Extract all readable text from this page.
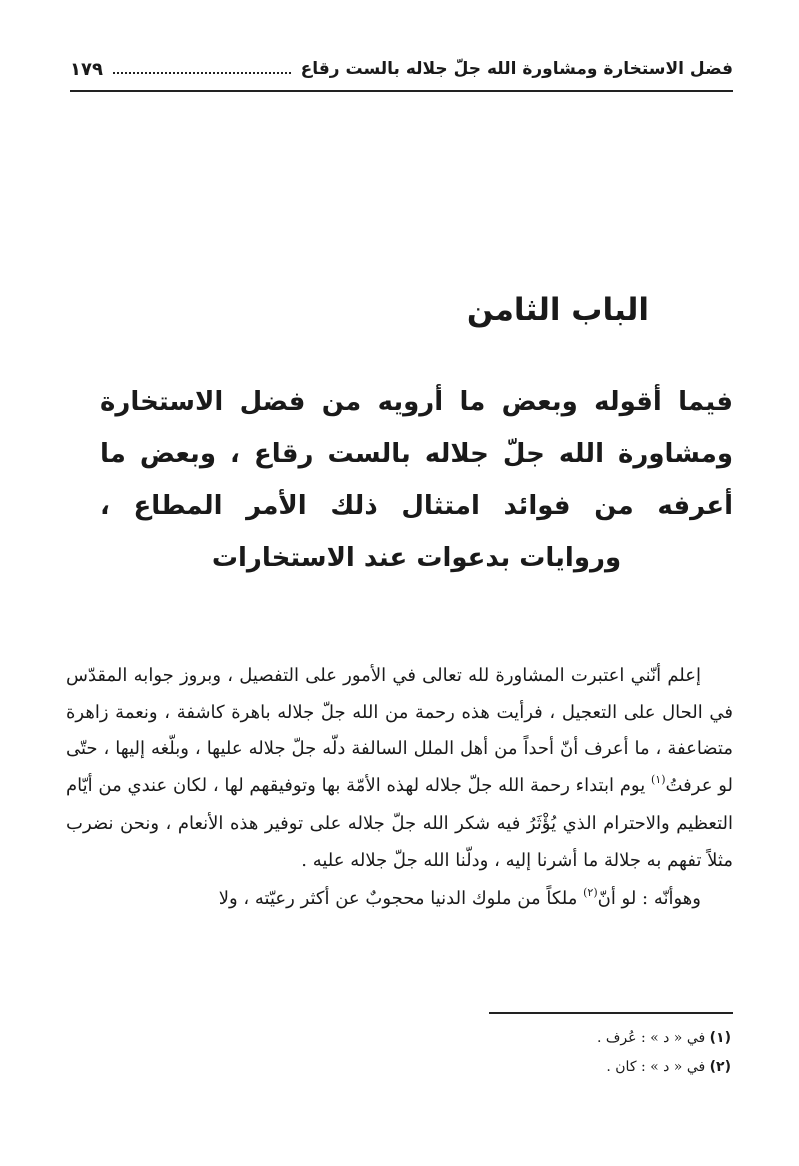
فضل الاستخارة ومشاورة الله جلّ جلاله بالست رقاع
١٧٩
الباب الثامن
فيما أقوله وبعض ما أرويه من فضل الاستخارة ومشاورة الله جلّ جلاله بالست رقاع ، وبعض ما أعرفه من فوائد امتثال ذلك الأمر المطاع ، وروايات بدعوات عند الاستخارات

إعلم أنّني اعتبرت المشاورة لله تعالى في الأمور على التفصيل ، وبروز جوابه المقدّس في الحال على التعجيل ، فرأيت هذه رحمة من الله جلّ جلاله باهرة كاشفة ، ونعمة زاهرة متضاعفة ، ما أعرف أنّ أحداً من أهل الملل السالفة دلّه جلّ جلاله عليها ، وبلّغه إليها ، حتّى لو عرفتُ$^{(١)}$ يوم ابتداء رحمة الله جلّ جلاله لهذه الأمّة بها وتوفيقهم لها ، لكان عندي من أيّام التعظيم والاحترام الذي يُؤْثَرُ فيه شكر الله جلّ جلاله على توفير هذه الأنعام ، ونحن نضرب مثلاً تفهم به جلالة ما أشرنا إليه ، ودلّنا الله جلّ جلاله عليه .

وهوأنّه : لو أنّ$^{(٢)}$ ملكاً من ملوك الدنيا محجوبٌ عن أكثر رعيّته ، ولا

(١) في « د » : عُرف .
(٢) في « د » : كان .
